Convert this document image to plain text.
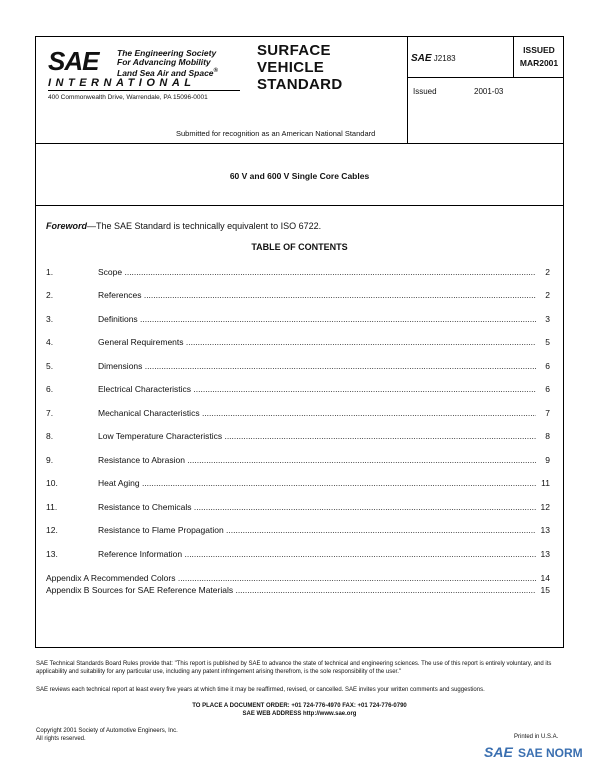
SAE The Engineering Society
For Advancing Mobility
Land Sea Air and Space®
INTERNATIONAL
400 Commonwealth Drive, Warrendale, PA 15096-0001
SURFACE
VEHICLE
STANDARD
SAE J2183
ISSUED
MAR2001
Issued	2001-03
Submitted for recognition as an American National Standard
60 V and 600 V Single Core Cables
Foreword—The SAE Standard is technically equivalent to ISO 6722.
TABLE OF CONTENTS
1.	Scope .....	2
2.	References .....	2
3.	Definitions .....	3
4.	General Requirements .....	5
5.	Dimensions .....	6
6.	Electrical Characteristics .....	6
7.	Mechanical Characteristics .....	7
8.	Low Temperature Characteristics .....	8
9.	Resistance to Abrasion .....	9
10.	Heat Aging .....	11
11.	Resistance to Chemicals .....	12
12.	Resistance to Flame Propagation .....	13
13.	Reference Information .....	13
Appendix A Recommended Colors .....	14
Appendix B Sources for SAE Reference Materials .....	15
SAE Technical Standards Board Rules provide that: "This report is published by SAE to advance the state of technical and engineering sciences. The use of this report is entirely voluntary, and its applicability and suitability for any particular use, including any patent infringement arising therefrom, is the sole responsibility of the user."
SAE reviews each technical report at least every five years at which time it may be reaffirmed, revised, or cancelled. SAE invites your written comments and suggestions.
TO PLACE A DOCUMENT ORDER: +01 724-776-4970 FAX: +01 724-776-0790
SAE WEB ADDRESS http://www.sae.org
Copyright 2001 Society of Automotive Engineers, Inc.
All rights reserved.	Printed in U.S.A.
SAE SAE NORM
